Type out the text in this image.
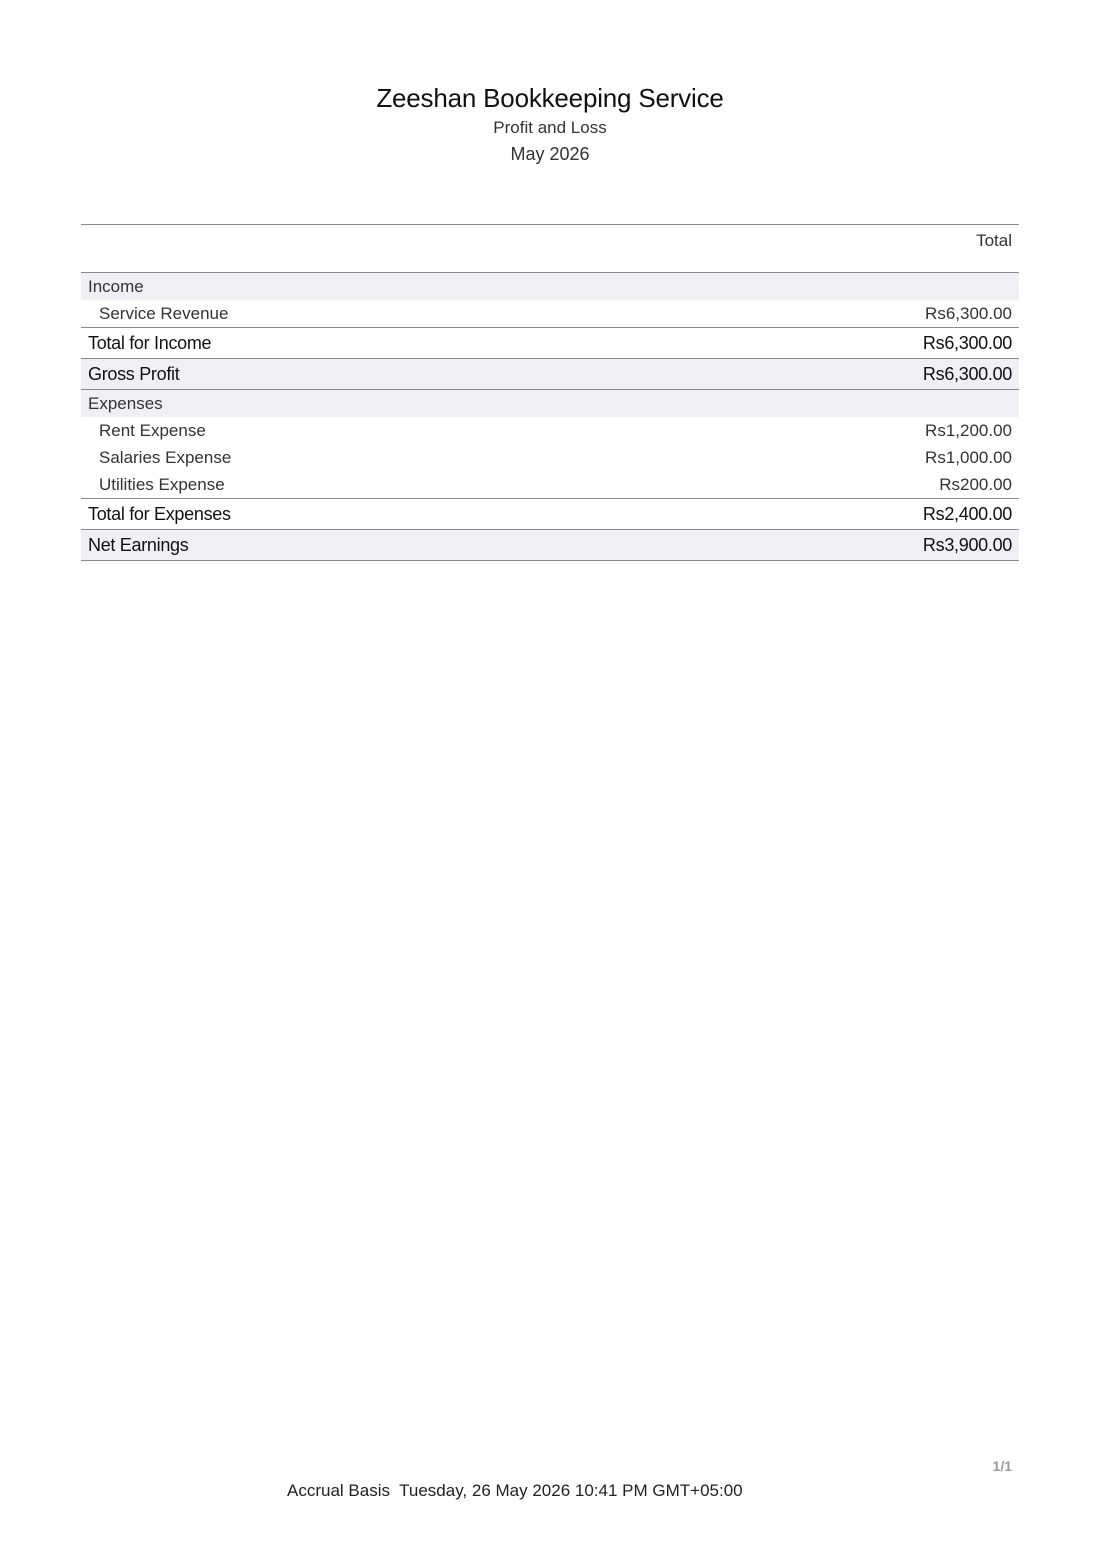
Zeeshan Bookkeeping Service
Profit and Loss
May 2026
Total
Income
Service Revenue	Rs6,300.00
Total for Income	Rs6,300.00
Gross Profit	Rs6,300.00
Expenses
Rent Expense	Rs1,200.00
Salaries Expense	Rs1,000.00
Utilities Expense	Rs200.00
Total for Expenses	Rs2,400.00
Net Earnings	Rs3,900.00
1/1
Accrual Basis Tuesday, 26 May 2026 10:41 PM GMT+05:00
